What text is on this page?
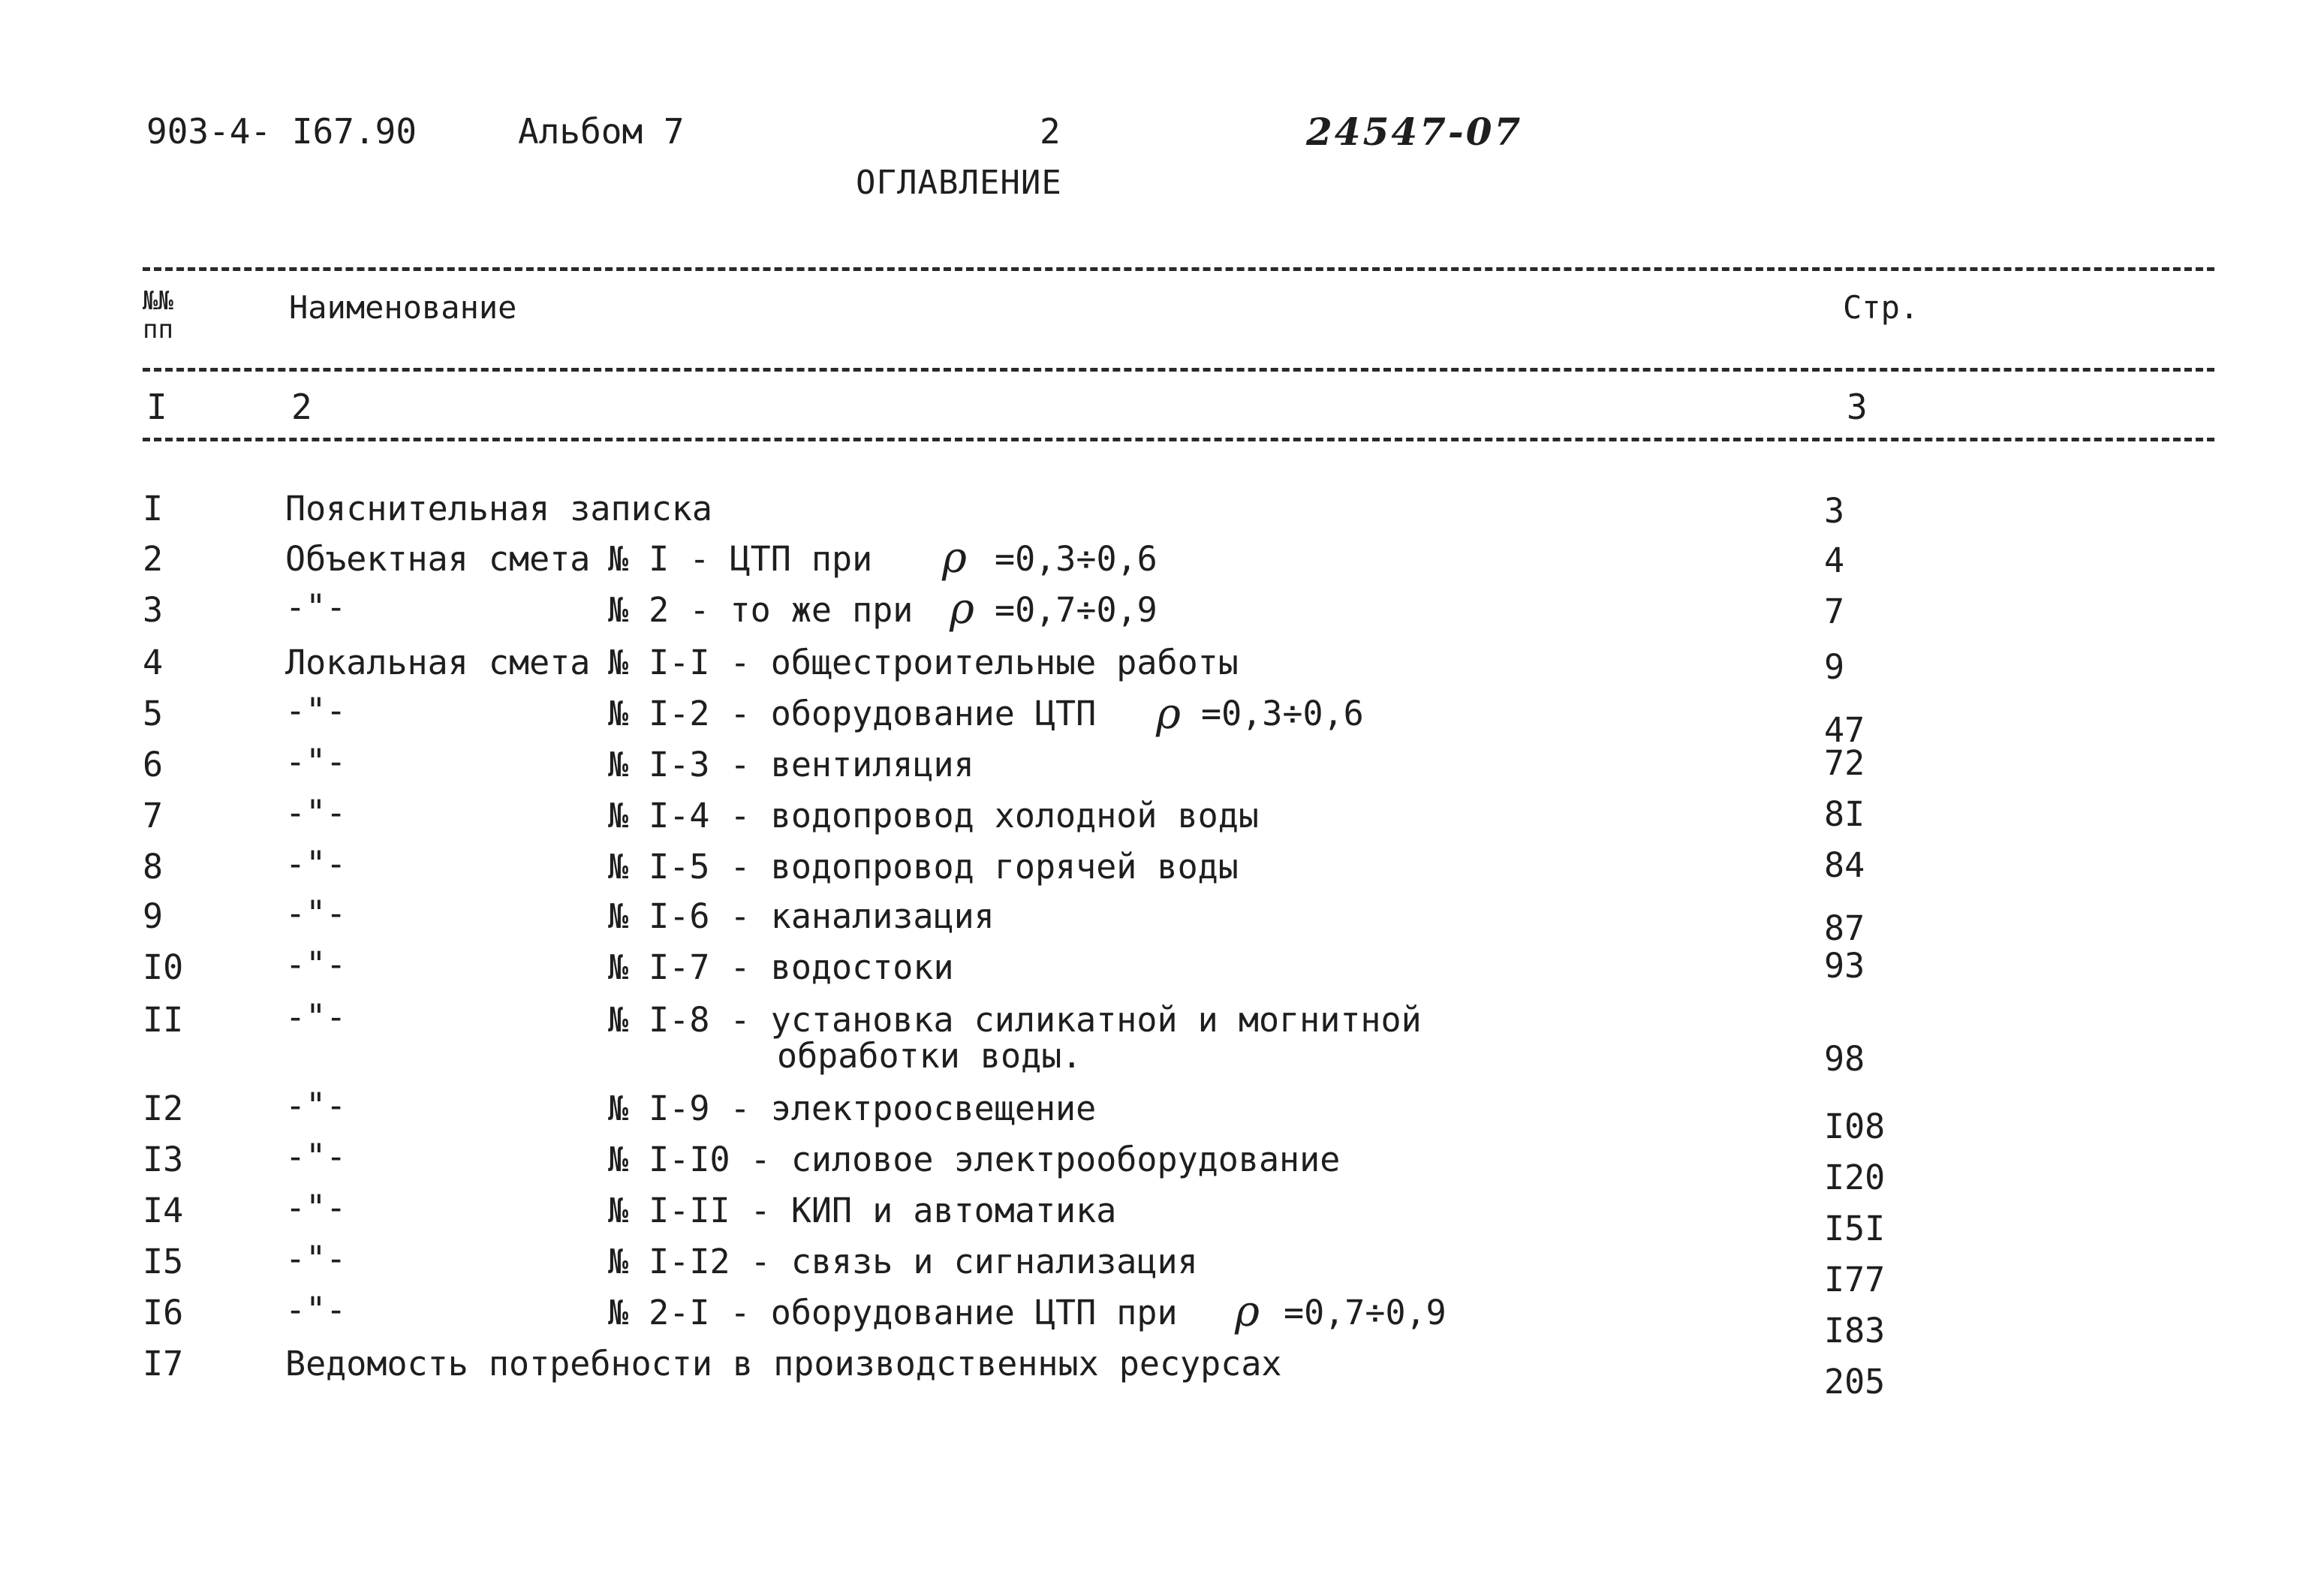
903-4- I67.90	Альбом 7	2	24547-07
ОГЛАВЛЕНИЕ
№№ пп
Наименование	Стр.
I	2	3
I	Пояснительная записка	3
2	Объектная смета № I - ЦТП при ρ =0,3÷0,6	4
3	-"-	№ 2 - то же при ρ =0,7÷0,9	7
4	Локальная смета № I-I - общестроительные работы	9
5	-"-	№ I-2 - оборудование ЦТП ρ =0,3÷0,6	47
6	-"-	№ I-3 - вентиляция	72
7	-"-	№ I-4 - водопровод холодной воды	8I
8	-"-	№ I-5 - водопровод горячей воды	84
9	-"-	№ I-6 - канализация	87
I0	-"-	№ I-7 - водостоки	93
II	-"-	№ I-8 - установка силикатной и могнитной
обработки воды.	98
I2	-"-	№ I-9 - электроосвещение	I08
I3	-"-	№ I-I0 - силовое электрооборудование	I20
I4	-"-	№ I-II - КИП и автоматика	I5I
I5	-"-	№ I-I2 - связь и сигнализация	I77
I6	-"-	№ 2-I - оборудование ЦТП при ρ =0,7÷0,9	I83
I7	Ведомость потребности в производственных ресурсах	205
